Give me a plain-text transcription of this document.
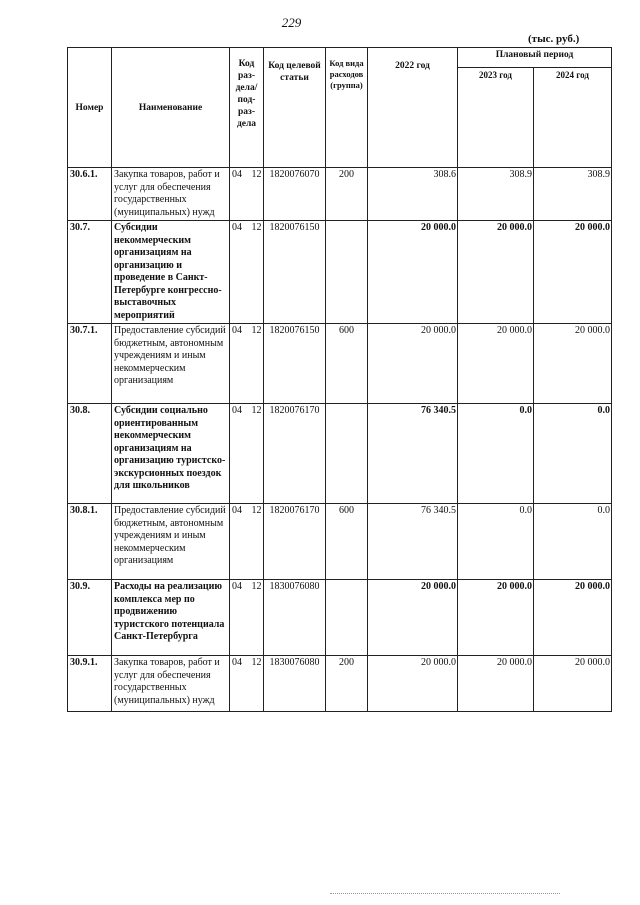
229
(тыс. руб.)
Номер	Наименование	Код раз-дела/ под-раз-дела		Код целевой статьи	Код вида расходов (группа)	2022 год	Плановый период	
							2023 год	2024 год
30.6.1.	Закупка товаров, работ и услуг для обеспечения государственных (муниципальных) нужд	04	12	1820076070	200	308.6	308.9	308.9
30.7.	Субсидии некоммерческим организациям на организацию и проведение в Санкт-Петербурге конгрессно-выставочных мероприятий	04	12	1820076150		20 000.0	20 000.0	20 000.0
30.7.1.	Предоставление субсидий бюджетным, автономным учреждениям и иным некоммерческим организациям	04	12	1820076150	600	20 000.0	20 000.0	20 000.0
30.8.	Субсидии социально ориентированным некоммерческим организациям на организацию туристско-экскурсионных поездок для школьников	04	12	1820076170		76 340.5	0.0	0.0
30.8.1.	Предоставление субсидий бюджетным, автономным учреждениям и иным некоммерческим организациям	04	12	1820076170	600	76 340.5	0.0	0.0
30.9.	Расходы на реализацию комплекса мер по продвижению туристского потенциала Санкт-Петербурга	04	12	1830076080		20 000.0	20 000.0	20 000.0
30.9.1.	Закупка товаров, работ и услуг для обеспечения государственных (муниципальных) нужд	04	12	1830076080	200	20 000.0	20 000.0	20 000.0
